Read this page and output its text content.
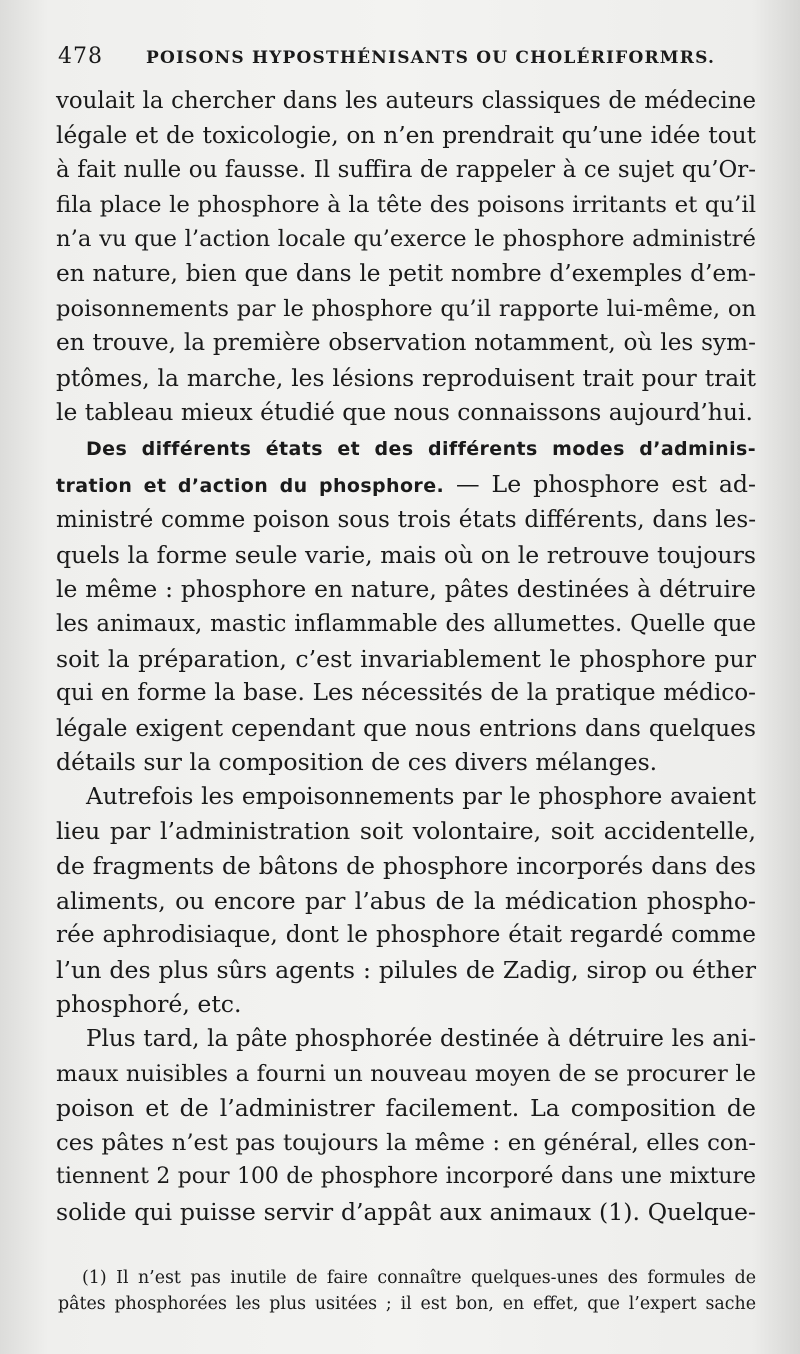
478	POISONS HYPOSTHÉNISANTS OU CHOLÉRIFORMRS.

voulait la chercher dans les auteurs classiques de médecine
légale et de toxicologie, on n’en prendrait qu’une idée tout
à fait nulle ou fausse. Il suffira de rappeler à ce sujet qu’Or-
fila place le phosphore à la tête des poisons irritants et qu’il
n’a vu que l’action locale qu’exerce le phosphore administré
en nature, bien que dans le petit nombre d’exemples d’em-
poisonnements par le phosphore qu’il rapporte lui-même, on
en trouve, la première observation notamment, où les sym-
ptômes, la marche, les lésions reproduisent trait pour trait
le tableau mieux étudié que nous connaissons aujourd’hui.

Des différents états et des différents modes d’adminis-
tration et d’action du phosphore. — Le phosphore est ad-
ministré comme poison sous trois états différents, dans les-
quels la forme seule varie, mais où on le retrouve toujours
le même : phosphore en nature, pâtes destinées à détruire
les animaux, mastic inflammable des allumettes. Quelle que
soit la préparation, c’est invariablement le phosphore pur
qui en forme la base. Les nécessités de la pratique médico-
légale exigent cependant que nous entrions dans quelques
détails sur la composition de ces divers mélanges.

Autrefois les empoisonnements par le phosphore avaient
lieu par l’administration soit volontaire, soit accidentelle,
de fragments de bâtons de phosphore incorporés dans des
aliments, ou encore par l’abus de la médication phospho-
rée aphrodisiaque, dont le phosphore était regardé comme
l’un des plus sûrs agents : pilules de Zadig, sirop ou éther
phosphoré, etc.

Plus tard, la pâte phosphorée destinée à détruire les ani-
maux nuisibles a fourni un nouveau moyen de se procurer le
poison et de l’administrer facilement. La composition de
ces pâtes n’est pas toujours la même : en général, elles con-
tiennent 2 pour 100 de phosphore incorporé dans une mixture
solide qui puisse servir d’appât aux animaux (1). Quelque-

(1) Il n’est pas inutile de faire connaître quelques-unes des formules de
pâtes phosphorées les plus usitées ; il est bon, en effet, que l’expert sache
